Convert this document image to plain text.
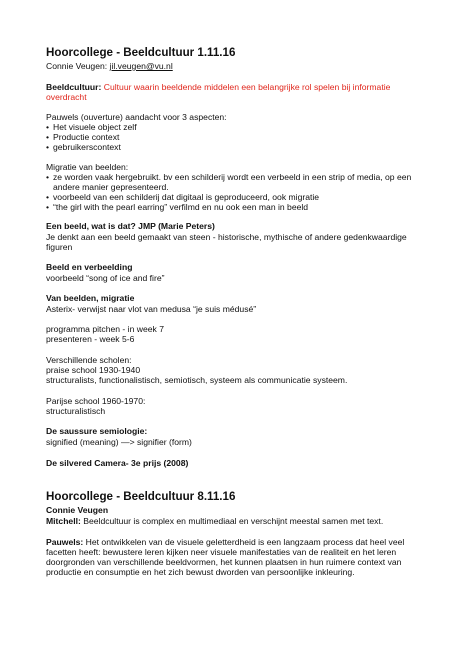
Hoorcollege - Beeldcultuur 1.11.16
Connie Veugen: jil.veugen@vu.nl
Beeldcultuur: Cultuur waarin beeldende middelen een belangrijke rol spelen bij informatie
overdracht
Pauwels (ouverture) aandacht voor 3 aspecten:
• Het visuele object zelf
• Productie context
• gebruikerscontext
Migratie van beelden:
• ze worden vaak hergebruikt. bv een schilderij wordt een verbeeld in een strip of media, op een
andere manier gepresenteerd.
• voorbeeld van een schilderij dat digitaal is geproduceerd, ook migratie
• “the girl with the pearl earring” verfilmd en nu ook een man in beeld
Een beeld, wat is dat? JMP (Marie Peters)
Je denkt aan een beeld gemaakt van steen - historische, mythische of andere gedenkwaardige
figuren
Beeld en verbeelding
voorbeeld “song of ice and fire”
Van beelden, migratie
Asterix- verwijst naar vlot van medusa “je suis médusé”
programma pitchen - in week 7
presenteren - week 5-6
Verschillende scholen:
praise school 1930-1940
structuralists, functionalistisch, semiotisch, systeem als communicatie systeem.
Parijse school 1960-1970:
structuralistisch
De saussure semiologie:
signified (meaning) —> signifier (form)
De silvered Camera- 3e prijs (2008)
Hoorcollege - Beeldcultuur 8.11.16
Connie Veugen
Mitchell: Beeldcultuur is complex en multimediaal en verschijnt meestal samen met text.
Pauwels: Het ontwikkelen van de visuele geletterdheid is een langzaam process dat heel veel
facetten heeft: bewustere leren kijken neer visuele manifestaties van de realiteit en het leren
doorgronden van verschillende beeldvormen, het kunnen plaatsen in hun ruimere context van
productie en consumptie en het zich bewust dworden van persoonlijke inkleuring.
